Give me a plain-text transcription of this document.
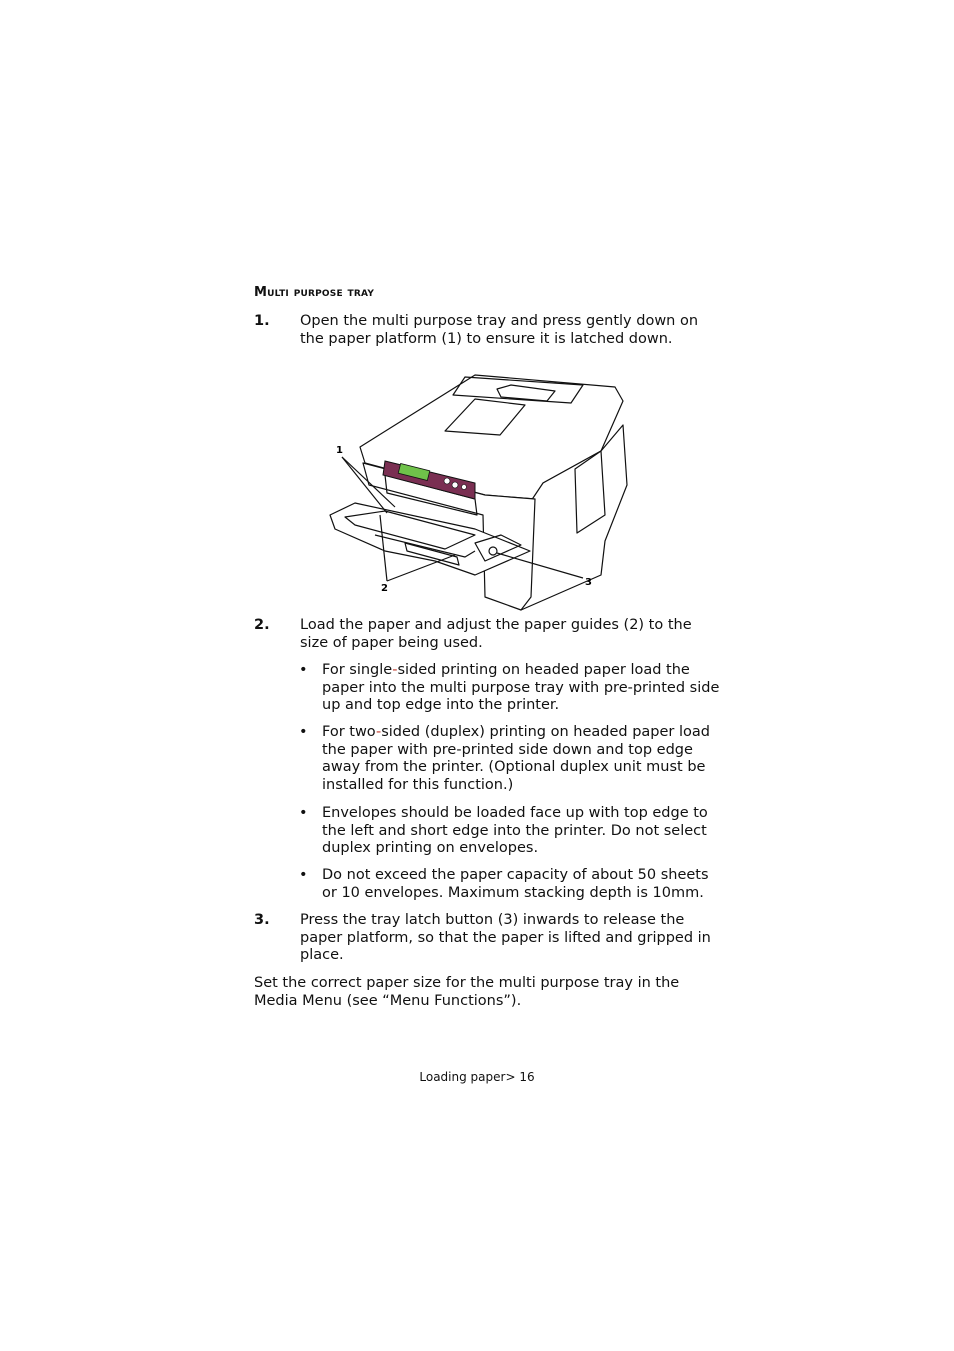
Multi purpose tray
1. Open the multi purpose tray and press gently down on the paper platform (1) to ensure it is latched down.
1
2
3
2. Load the paper and adjust the paper guides (2) to the size of paper being used.
• For single-sided printing on headed paper load the paper into the multi purpose tray with pre-printed side up and top edge into the printer.
• For two-sided (duplex) printing on headed paper load the paper with pre-printed side down and top edge away from the printer. (Optional duplex unit must be installed for this function.)
• Envelopes should be loaded face up with top edge to the left and short edge into the printer. Do not select duplex printing on envelopes.
• Do not exceed the paper capacity of about 50 sheets or 10 envelopes. Maximum stacking depth is 10mm.
3. Press the tray latch button (3) inwards to release the paper platform, so that the paper is lifted and gripped in place.
Set the correct paper size for the multi purpose tray in the Media Menu (see “Menu Functions”).
Loading paper> 16
